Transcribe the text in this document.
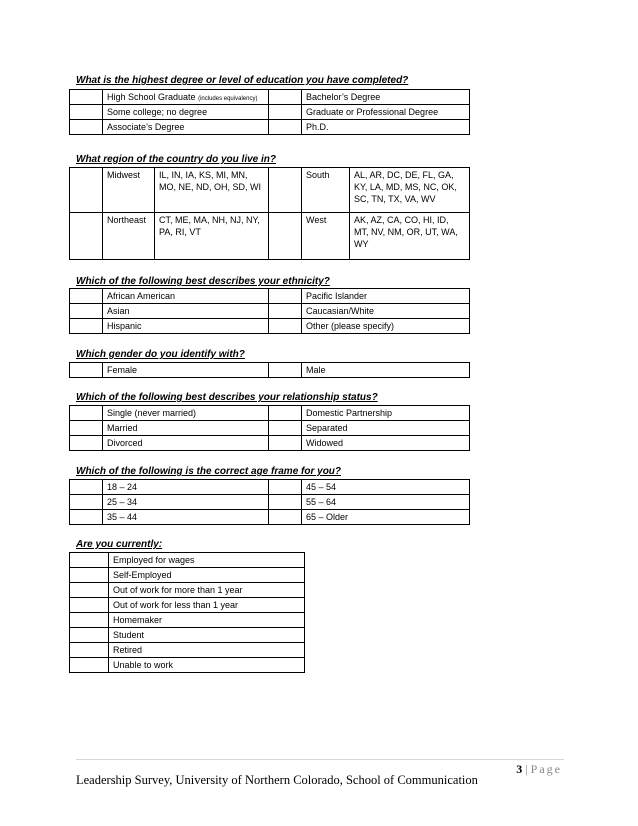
What is the highest degree or level of education you have completed?
	High School Graduate (includes equivalency)		Bachelor’s Degree
	Some college; no degree		Graduate or Professional Degree
	Associate’s Degree		Ph.D.
What region of the country do you live in?
	Midwest	IL, IN, IA, KS, MI, MN, MO, NE, ND, OH, SD, WI		South	AL, AR, DC, DE, FL, GA, KY, LA, MD, MS, NC, OK, SC, TN, TX, VA, WV
	Northeast	CT, ME, MA, NH, NJ, NY, PA, RI, VT		West	AK, AZ, CA, CO, HI, ID, MT, NV, NM, OR, UT, WA, WY
Which of the following best describes your ethnicity?
	African American		Pacific Islander
	Asian		Caucasian/White
	Hispanic		Other (please specify)
Which gender do you identify with?
	Female		Male
Which of the following best describes your relationship status?
	Single (never married)		Domestic Partnership
	Married		Separated
	Divorced		Widowed
Which of the following is the correct age frame for you?
	18 – 24		45 – 54
	25 – 34		55 – 64
	35 – 44		65 – Older
Are you currently:
	Employed for wages
	Self-Employed
	Out of work for more than 1 year
	Out of work for less than 1 year
	Homemaker
	Student
	Retired
	Unable to work
3 | Page
Leadership Survey, University of Northern Colorado, School of Communication
